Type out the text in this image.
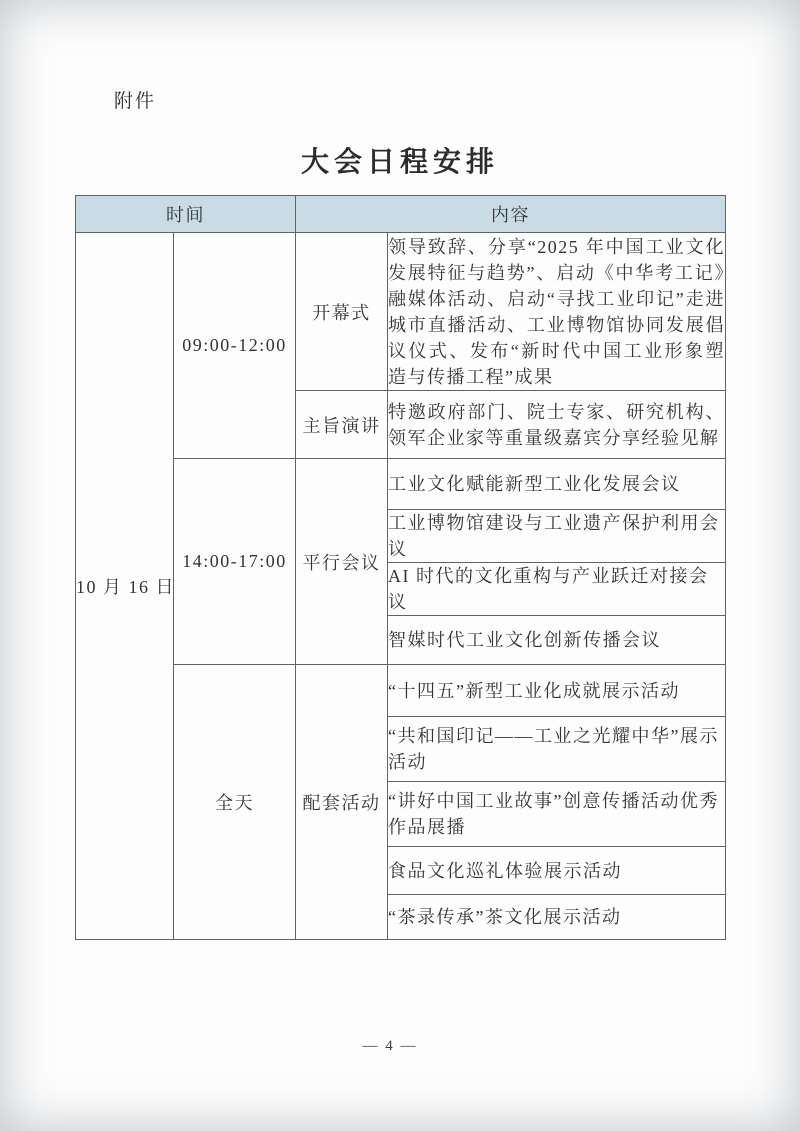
附件
大会日程安排
时间		内容	
10 月 16 日	09:00-12:00	开幕式	领导致辞、分享“2025 年中国工业文化发展特征与趋势”、启动《中华考工记》融媒体活动、启动“寻找工业印记”走进城市直播活动、工业博物馆协同发展倡议仪式、发布“新时代中国工业形象塑造与传播工程”成果
		主旨演讲	特邀政府部门、院士专家、研究机构、领军企业家等重量级嘉宾分享经验见解
	14:00-17:00	平行会议	工业文化赋能新型工业化发展会议
			工业博物馆建设与工业遗产保护利用会议
			AI 时代的文化重构与产业跃迁对接会议
			智媒时代工业文化创新传播会议
	全天	配套活动	“十四五”新型工业化成就展示活动
			“共和国印记——工业之光耀中华”展示活动
			“讲好中国工业故事”创意传播活动优秀作品展播
			食品文化巡礼体验展示活动
			“茶录传承”茶文化展示活动
— 4 —
